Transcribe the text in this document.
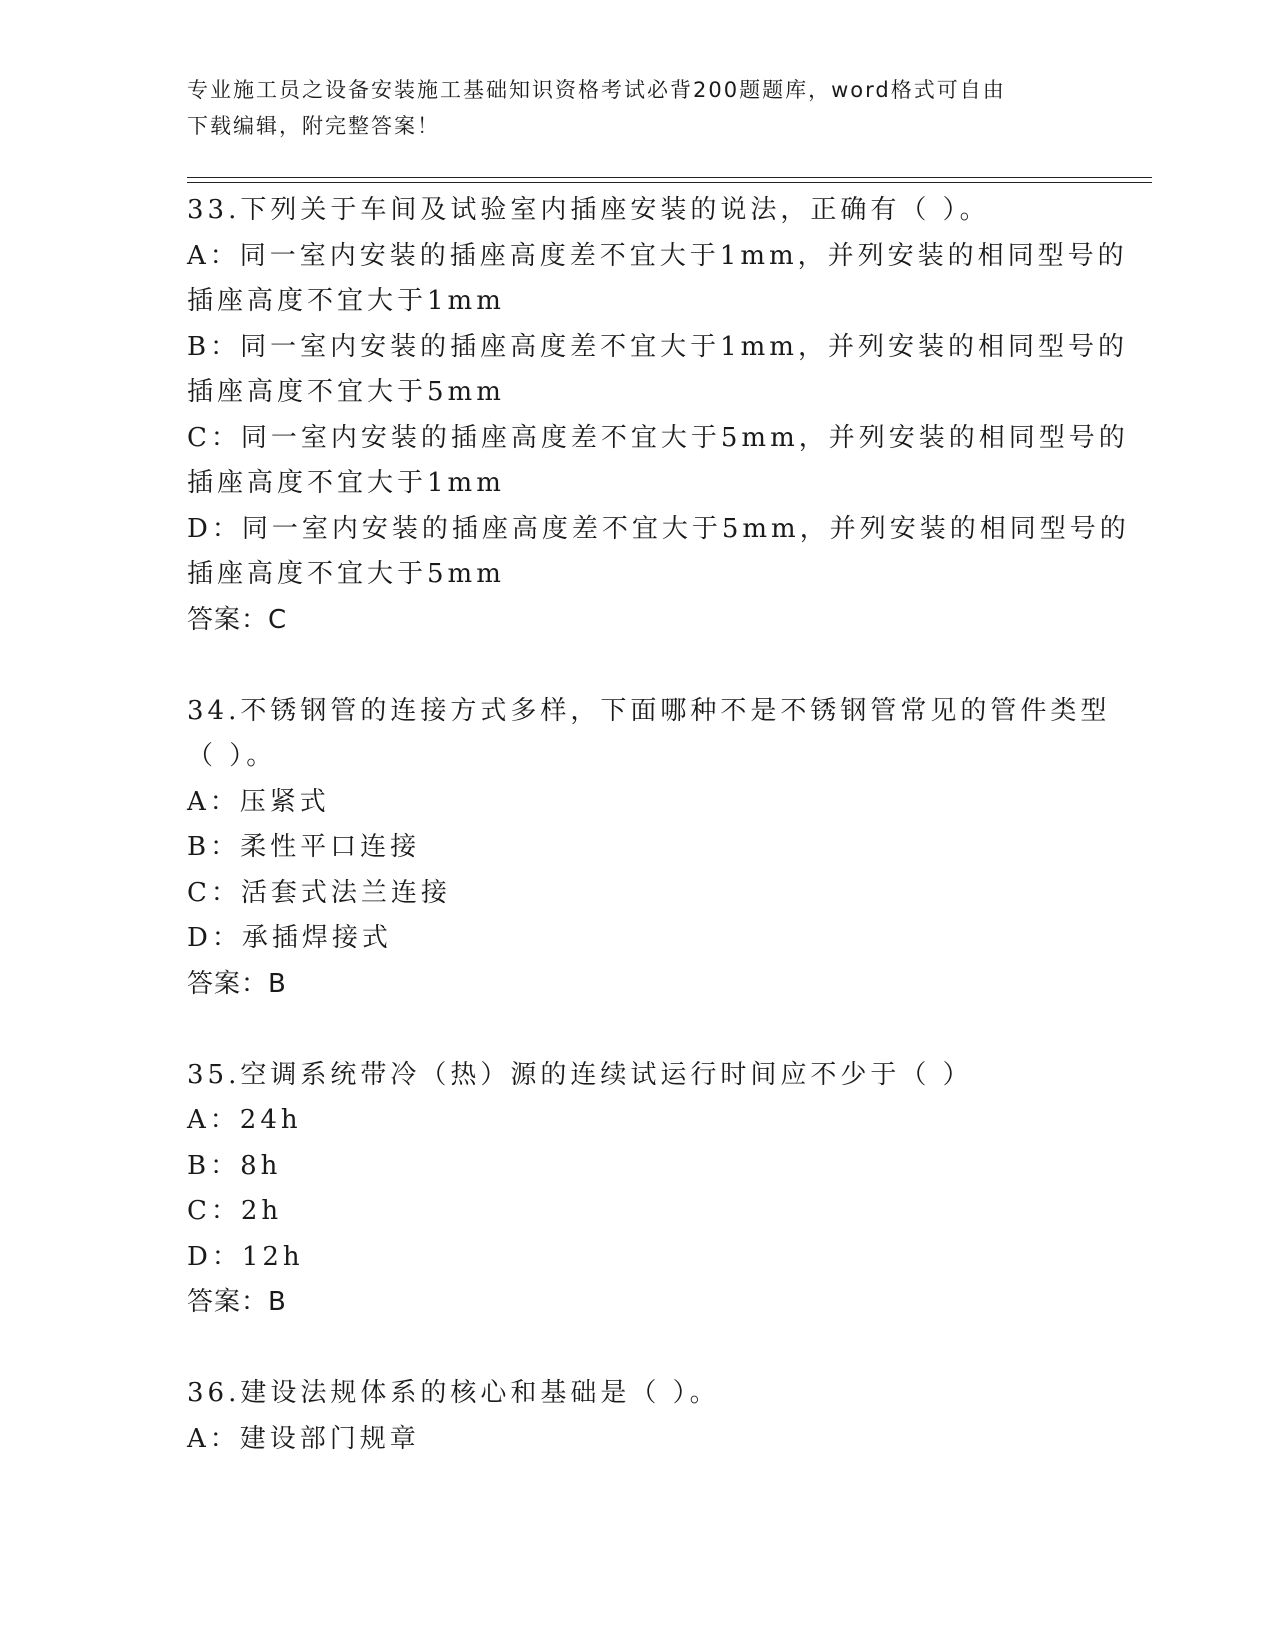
专业施工员之设备安装施工基础知识资格考试必背200题题库，word格式可自由
下载编辑，附完整答案！
33.下列关于车间及试验室内插座安装的说法，正确有（ ）。
A：同一室内安装的插座高度差不宜大于1mm，并列安装的相同型号的
插座高度不宜大于1mm
B：同一室内安装的插座高度差不宜大于1mm，并列安装的相同型号的
插座高度不宜大于5mm
C：同一室内安装的插座高度差不宜大于5mm，并列安装的相同型号的
插座高度不宜大于1mm
D：同一室内安装的插座高度差不宜大于5mm，并列安装的相同型号的
插座高度不宜大于5mm
答案：C
34.不锈钢管的连接方式多样，下面哪种不是不锈钢管常见的管件类型
（ ）。
A：压紧式
B：柔性平口连接
C：活套式法兰连接
D：承插焊接式
答案：B
35.空调系统带冷（热）源的连续试运行时间应不少于（ ）
A：24h
B：8h
C：2h
D：12h
答案：B
36.建设法规体系的核心和基础是（ ）。
A：建设部门规章
